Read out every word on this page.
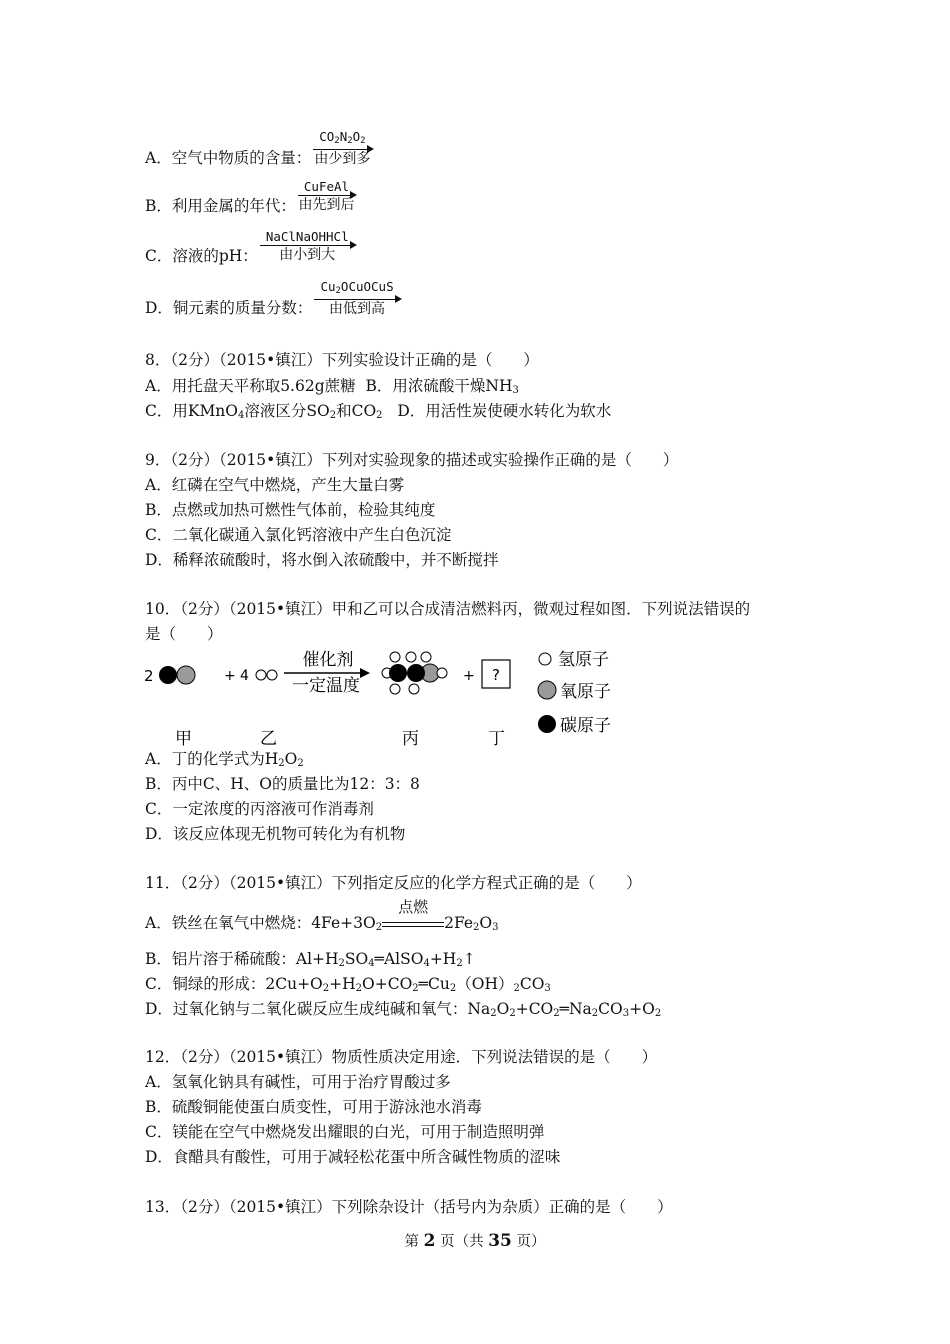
A．空气中物质的含量：
$CO_2N_2O_2$
由少到多
B．利用金属的年代：
CuFeAl
由先到后
C．溶液的pH：
NaClNaOHHCl
由小到大
D．铜元素的质量分数：
$Cu_2OCuOCuS$
由低到高
8．（2分）（2015•镇江）下列实验设计正确的是（　　）
A．用托盘天平称取5.62g蔗糖 B．用浓硫酸干燥$NH_3$
C．用KMnO$_4$溶液区分$SO_2$和$CO_2$ D．用活性炭使硬水转化为软水
9．（2分）（2015•镇江）下列对实验现象的描述或实验操作正确的是（　　）
A．红磷在空气中燃烧，产生大量白雾
B．点燃或加热可燃性气体前，检验其纯度
C．二氧化碳通入氯化钙溶液中产生白色沉淀
D．稀释浓硫酸时，将水倒入浓硫酸中，并不断搅拌
10．（2分）（2015•镇江）甲和乙可以合成清洁燃料丙，微观过程如图．下列说法错误的
是（　　）
2	+ 4
催化剂
一定温度	+ ?
氢原子
氧原子
碳原子
甲	乙	丙	丁
A．丁的化学式为$H_2O_2$
B．丙中C、H、O的质量比为12：3：8
C．一定浓度的丙溶液可作消毒剂
D．该反应体现无机物可转化为有机物
11．（2分）（2015•镇江）下列指定反应的化学方程式正确的是（　　）
A．铁丝在氧气中燃烧：$4Fe+3O_2$
点燃
$2Fe_2O_3$
B．铝片溶于稀硫酸：$Al+H_2SO_4═AlSO_4+H_2↑$
C．铜绿的形成：$2Cu+O_2+H_2O+CO_2═Cu_2(OH)_2CO_3$
D．过氧化钠与二氧化碳反应生成纯碱和氧气：$Na_2O_2+CO_2═Na_2CO_3+O_2$
12．（2分）（2015•镇江）物质性质决定用途．下列说法错误的是（　　）
A．氢氧化钠具有碱性，可用于治疗胃酸过多
B．硫酸铜能使蛋白质变性，可用于游泳池水消毒
C．镁能在空气中燃烧发出耀眼的白光，可用于制造照明弹
D．食醋具有酸性，可用于减轻松花蛋中所含碱性物质的涩味
13．（2分）（2015•镇江）下列除杂设计（括号内为杂质）正确的是（　　）
第 2 页（共 35 页）
